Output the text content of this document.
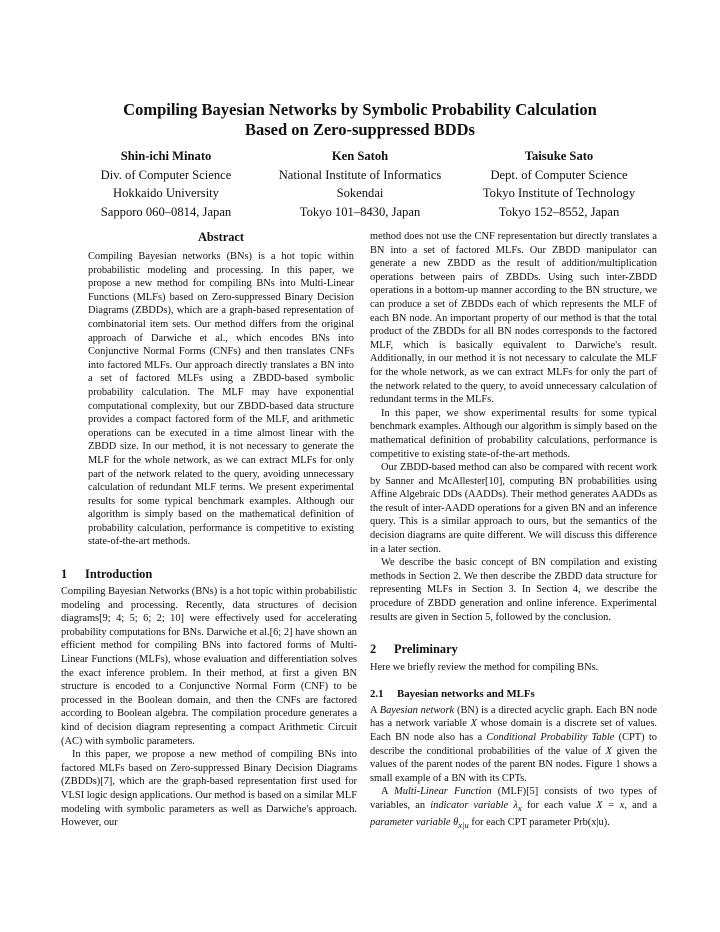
Compiling Bayesian Networks by Symbolic Probability Calculation
Based on Zero-suppressed BDDs
Shin-ichi Minato
Div. of Computer Science
Hokkaido University
Sapporo 060–0814, Japan
Ken Satoh
National Institute of Informatics
Sokendai
Tokyo 101–8430, Japan
Taisuke Sato
Dept. of Computer Science
Tokyo Institute of Technology
Tokyo 152–8552, Japan
Abstract

Compiling Bayesian networks (BNs) is a hot topic within probabilistic modeling and processing. In this paper, we propose a new method for compiling BNs into Multi-Linear Functions (MLFs) based on Zero-suppressed Binary Decision Diagrams (ZBDDs), which are a graph-based representation of combinatorial item sets. Our method differs from the original approach of Darwiche et al., which encodes BNs into Conjunctive Normal Forms (CNFs) and then translates CNFs into factored MLFs. Our approach directly translates a BN into a set of factored MLFs using a ZBDD-based symbolic probability calculation. The MLF may have exponential computational complexity, but our ZBDD-based data structure provides a compact factored form of the MLF, and arithmetic operations can be executed in a time almost linear with the ZBDD size. In our method, it is not necessary to generate the MLF for the whole network, as we can extract MLFs for only part of the network related to the query, avoiding unnecessary calculation of redundant MLF terms. We present experimental results for some typical benchmark examples. Although our algorithm is simply based on the mathematical definition of probability calculation, performance is competitive to existing state-of-the-art methods.

1 Introduction

Compiling Bayesian Networks (BNs) is a hot topic within probabilistic modeling and processing. Recently, data structures of decision diagrams[9; 4; 5; 6; 2; 10] were effectively used for accelerating probability computations for BNs. Darwiche et al.[6; 2] have shown an efficient method for compiling BNs into factored forms of Multi-Linear Functions (MLFs), whose evaluation and differentiation solves the exact inference problem. In their method, at first a given BN structure is encoded to a Conjunctive Normal Form (CNF) to be processed in the Boolean domain, and then the CNFs are factored according to Boolean algebra. The compilation procedure generates a kind of decision diagram representing a compact Arithmetic Circuit (AC) with symbolic parameters.

In this paper, we propose a new method of compiling BNs into factored MLFs based on Zero-suppressed Binary Decision Diagrams (ZBDDs)[7], which are the graph-based representation first used for VLSI logic design applications. Our method is based on a similar MLF modeling with symbolic parameters as well as Darwiche's approach. However, our

method does not use the CNF representation but directly translates a BN into a set of factored MLFs. Our ZBDD manipulator can generate a new ZBDD as the result of addition/multiplication operations between pairs of ZBDDs. Using such inter-ZBDD operations in a bottom-up manner according to the BN structure, we can produce a set of ZBDDs each of which represents the MLF of each BN node. An important property of our method is that the total product of the ZBDDs for all BN nodes corresponds to the factored MLF, which is basically equivalent to Darwiche's result. Additionally, in our method it is not necessary to calculate the MLF for the whole network, as we can extract MLFs for only the part of the network related to the query, to avoid unnecessary calculation of redundant terms in the MLFs.

In this paper, we show experimental results for some typical benchmark examples. Although our algorithm is simply based on the mathematical definition of probability calculations, performance is competitive to existing state-of-the-art methods.

Our ZBDD-based method can also be compared with recent work by Sanner and McAllester[10], computing BN probabilities using Affine Algebraic DDs (AADDs). Their method generates AADDs as the result of inter-AADD operations for a given BN and an inference query. This is a similar approach to ours, but the semantics of the decision diagrams are quite different. We will discuss this difference in a later section.

We describe the basic concept of BN compilation and existing methods in Section 2. We then describe the ZBDD data structure for representing MLFs in Section 3. In Section 4, we describe the procedure of ZBDD generation and online inference. Experimental results are given in Section 5, followed by the conclusion.

2 Preliminary

Here we briefly review the method for compiling BNs.

2.1 Bayesian networks and MLFs

A Bayesian network (BN) is a directed acyclic graph. Each BN node has a network variable X whose domain is a discrete set of values. Each BN node also has a Conditional Probability Table (CPT) to describe the conditional probabilities of the value of X given the values of the parent nodes of the parent BN nodes. Figure 1 shows a small example of a BN with its CPTs.

A Multi-Linear Function (MLF)[5] consists of two types of variables, an indicator variable $\lambda_x$ for each value X = x, and a parameter variable $\theta_{x|u}$ for each CPT parameter Prb(x|u).
